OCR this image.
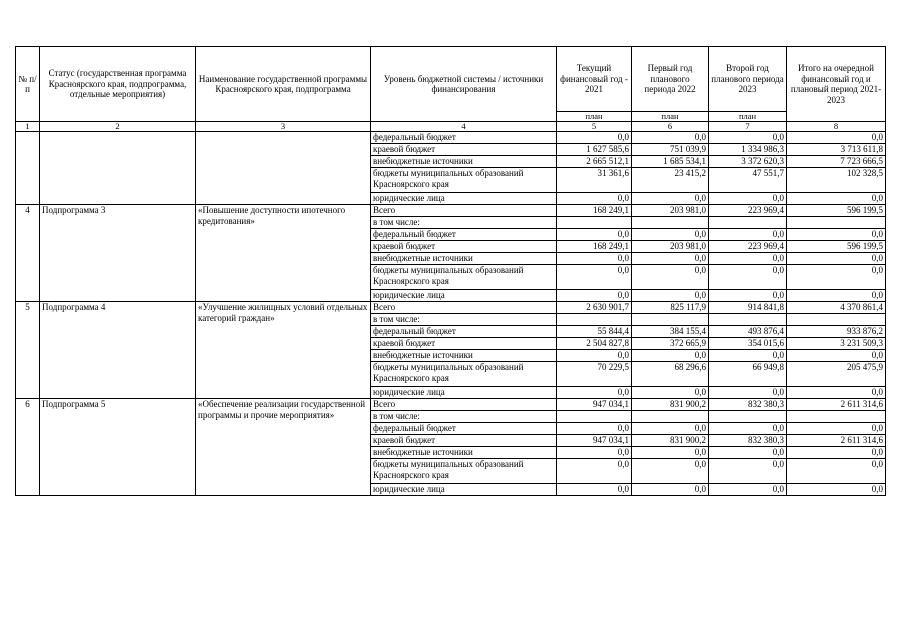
№ п/п	Статус (государственная программа Красноярского края, подпрограмма, отдельные мероприятия)	Наименование государственной программы Красноярского края, подпрограмма	Уровень бюджетной системы / источники финансирования	Текущий финансовый год - 2021	Первый год планового периода 2022	Второй год планового периода 2023	Итого на очередной финансовый год и плановый период 2021-2023
				план	план	план	
1	2	3	4	5	6	7	8
			федеральный бюджет	0,0	0,0	0,0	0,0
			краевой бюджет	1 627 585,6	751 039,9	1 334 986,3	3 713 611,8
			внебюджетные источники	2 665 512,1	1 685 534,1	3 372 620,3	7 723 666,5
			бюджеты муниципальных образований Красноярского края	31 361,6	23 415,2	47 551,7	102 328,5
			юридические лица	0,0	0,0	0,0	0,0
4	Подпрограмма 3	«Повышение доступности ипотечного кредитования»	Всего	168 249,1	203 981,0	223 969,4	596 199,5
			в том числе:				
			федеральный бюджет	0,0	0,0	0,0	0,0
			краевой бюджет	168 249,1	203 981,0	223 969,4	596 199,5
			внебюджетные источники	0,0	0,0	0,0	0,0
			бюджеты муниципальных образований Красноярского края	0,0	0,0	0,0	0,0
			юридические лица	0,0	0,0	0,0	0,0
5	Подпрограмма 4	«Улучшение жилищных условий отдельных категорий граждан»	Всего	2 630 901,7	825 117,9	914 841,8	4 370 861,4
			в том числе:				
			федеральный бюджет	55 844,4	384 155,4	493 876,4	933 876,2
			краевой бюджет	2 504 827,8	372 665,9	354 015,6	3 231 509,3
			внебюджетные источники	0,0	0,0	0,0	0,0
			бюджеты муниципальных образований Красноярского края	70 229,5	68 296,6	66 949,8	205 475,9
			юридические лица	0,0	0,0	0,0	0,0
6	Подпрограмма 5	«Обеспечение реализации государственной программы и прочие мероприятия»	Всего	947 034,1	831 900,2	832 380,3	2 611 314,6
			в том числе:				
			федеральный бюджет	0,0	0,0	0,0	0,0
			краевой бюджет	947 034,1	831 900,2	832 380,3	2 611 314,6
			внебюджетные источники	0,0	0,0	0,0	0,0
			бюджеты муниципальных образований Красноярского края	0,0	0,0	0,0	0,0
			юридические лица	0,0	0,0	0,0	0,0
